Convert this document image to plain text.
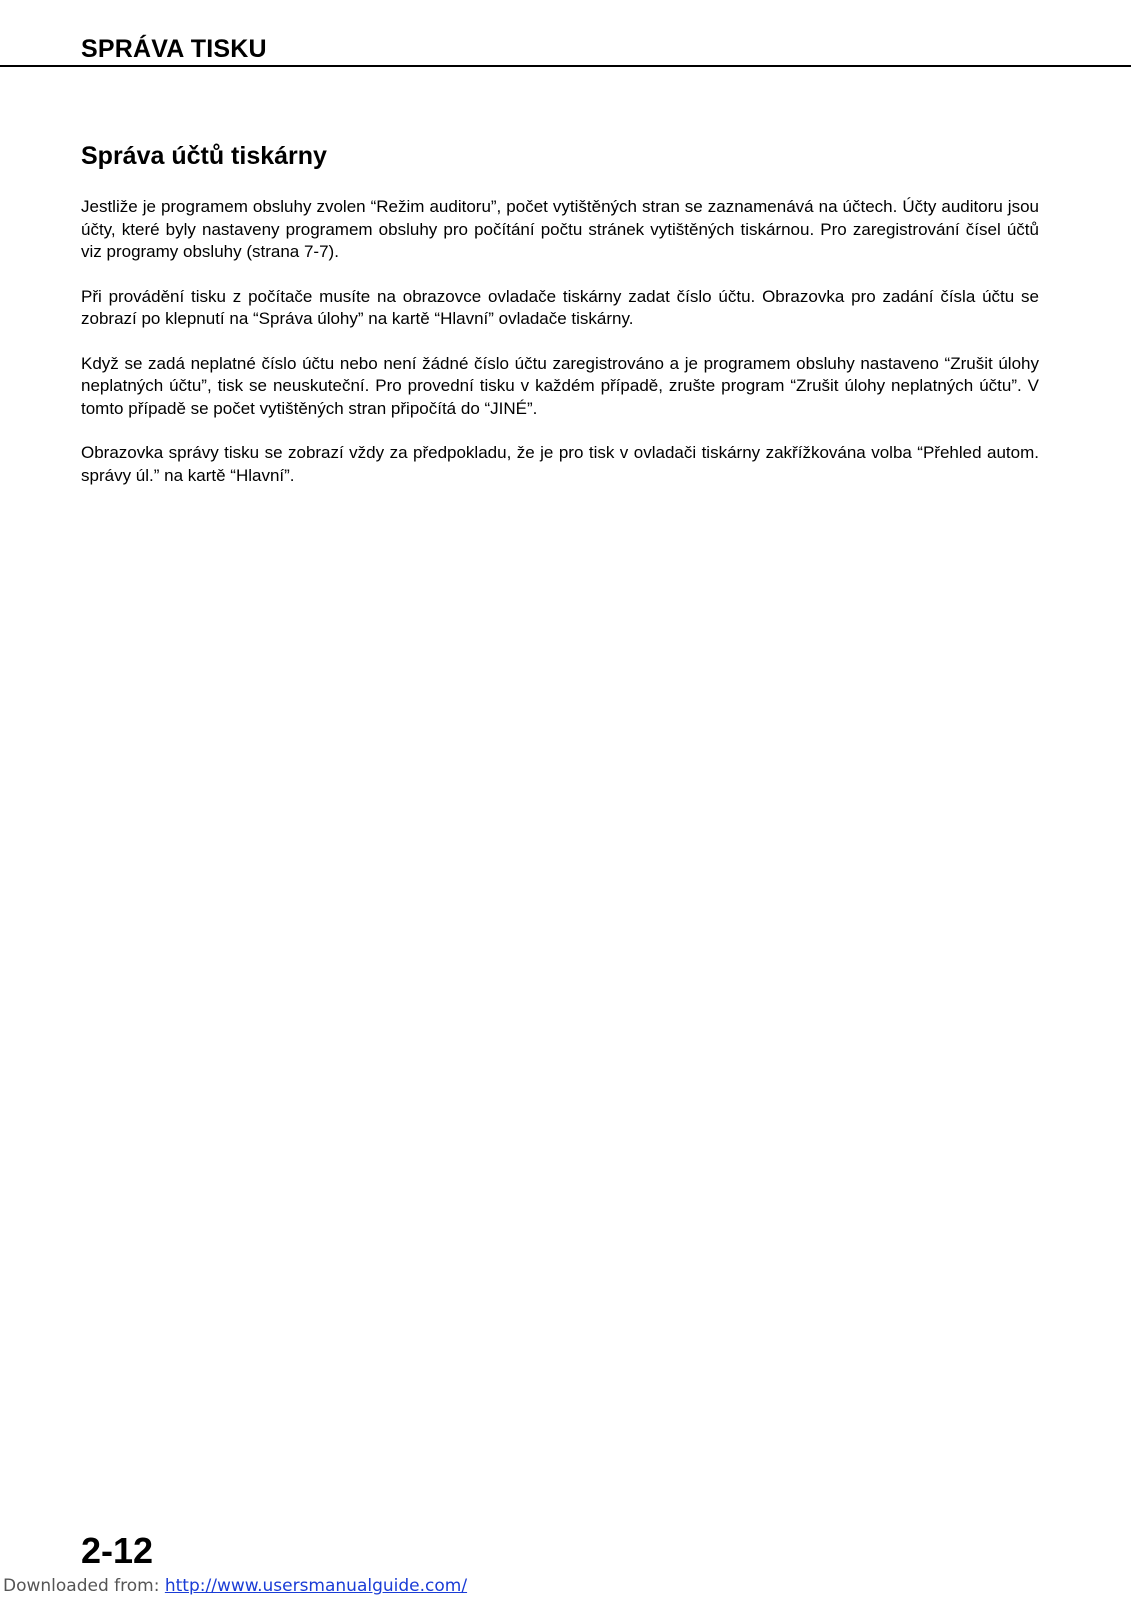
SPRÁVA TISKU
Správa účtů tiskárny

Jestliže je programem obsluhy zvolen “Režim auditoru”, počet vytištěných stran se zaznamenává na účtech. Účty auditoru jsou účty, které byly nastaveny programem obsluhy pro počítání počtu stránek vytištěných tiskárnou. Pro zaregistrování čísel účtů viz programy obsluhy (strana 7-7).

Při provádění tisku z počítače musíte na obrazovce ovladače tiskárny zadat číslo účtu. Obrazovka pro zadání čísla účtu se zobrazí po klepnutí na “Správa úlohy” na kartě “Hlavní” ovladače tiskárny.

Když se zadá neplatné číslo účtu nebo není žádné číslo účtu zaregistrováno a je programem obsluhy nastaveno “Zrušit úlohy neplatných účtu”, tisk se neuskuteční. Pro provední tisku v každém případě, zrušte program “Zrušit úlohy neplatných účtu”. V tomto případě se počet vytištěných stran připočítá do “JINÉ”.

Obrazovka správy tisku se zobrazí vždy za předpokladu, že je pro tisk v ovladači tiskárny zakřížkována volba “Přehled autom. správy úl.” na kartě “Hlavní”.

2-12
Downloaded from: http://www.usersmanualguide.com/
